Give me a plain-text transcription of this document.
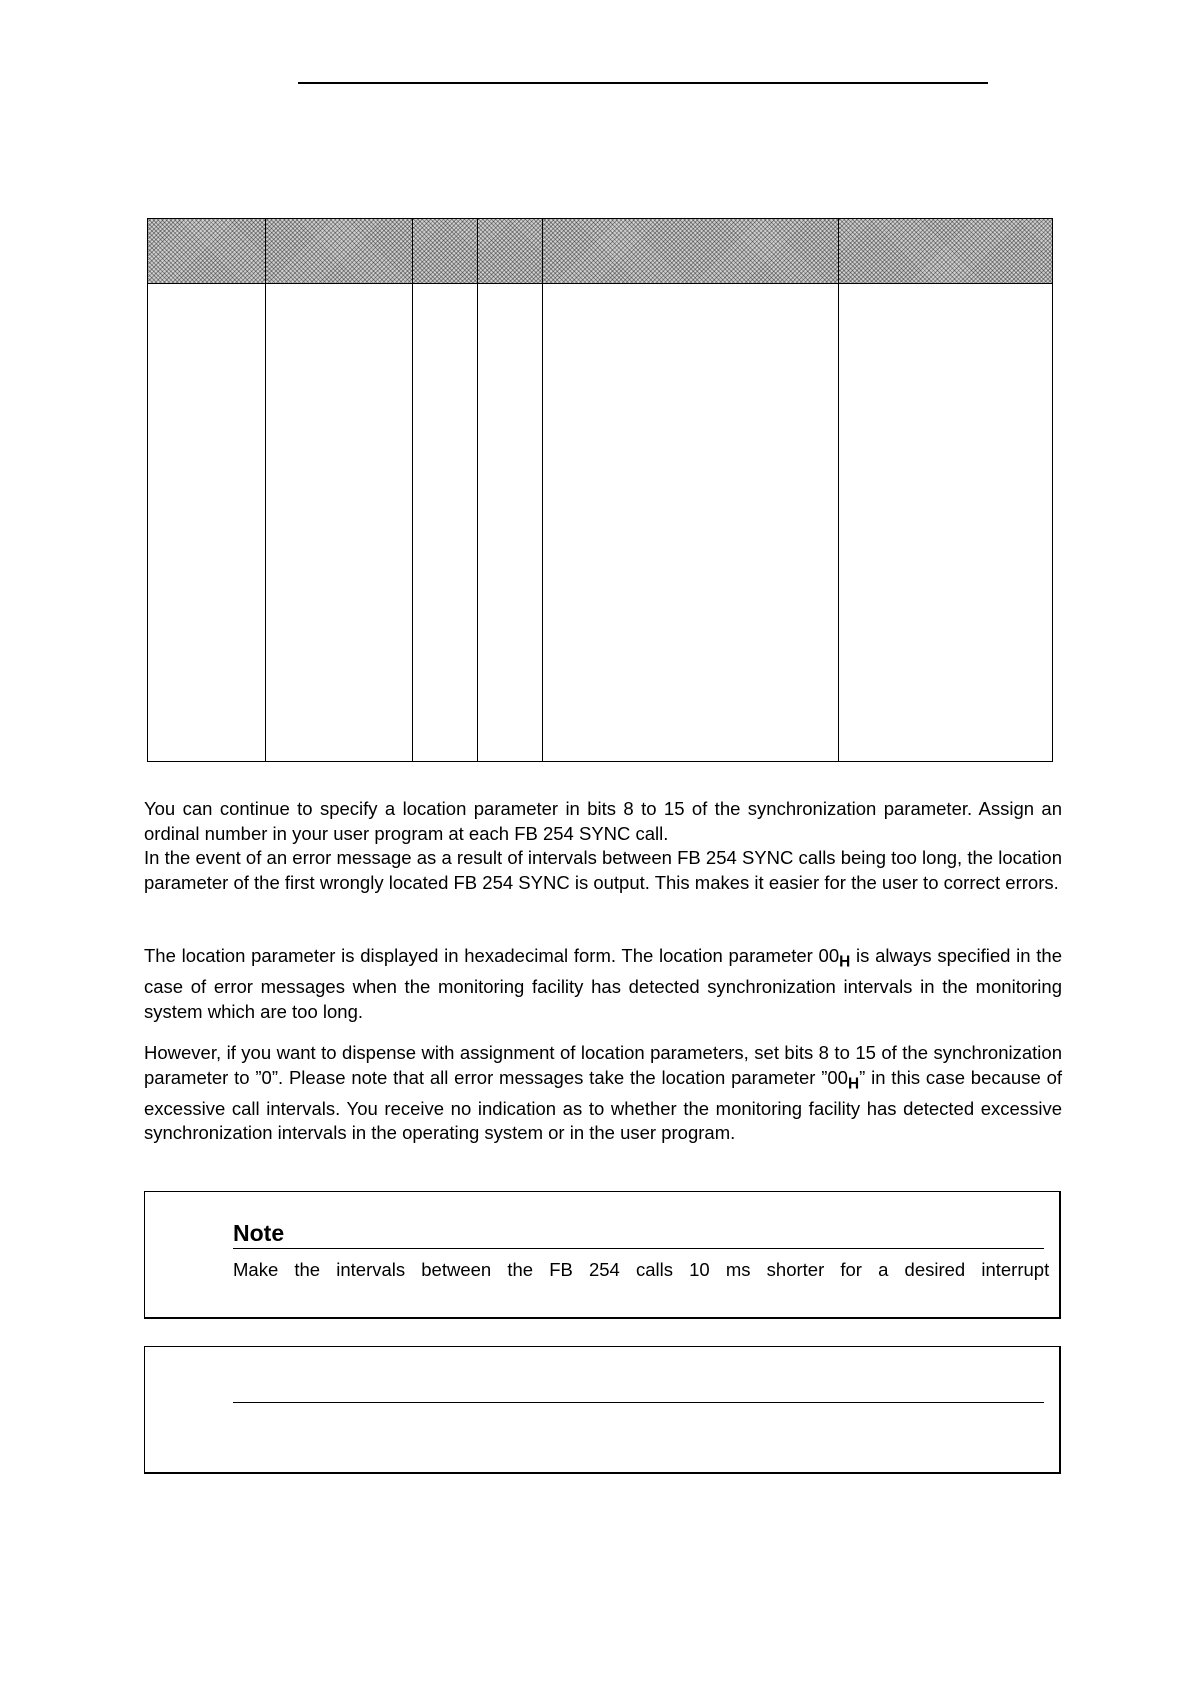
You can continue to specify a location parameter in bits 8 to 15 of the synchronization parameter. Assign an ordinal number in your user program at each FB 254 SYNC call.
In the event of an error message as a result of intervals between FB 254 SYNC calls being too long, the location parameter of the first wrongly located FB 254 SYNC is output. This makes it easier for the user to correct errors.

The location parameter is displayed in hexadecimal form. The location parameter $00_H$ is always specified in the case of error messages when the monitoring facility has detected synchronization intervals in the monitoring system which are too long.

However, if you want to dispense with assignment of location parameters, set bits 8 to 15 of the synchronization parameter to ”0”. Please note that all error messages take the location parameter $”00_H$” in this case because of excessive call intervals. You receive no indication as to whether the monitoring facility has detected excessive synchronization intervals in the operating system or in the user program.

Note
Make the intervals between the FB 254 calls 10 ms shorter for a desired interrupt
